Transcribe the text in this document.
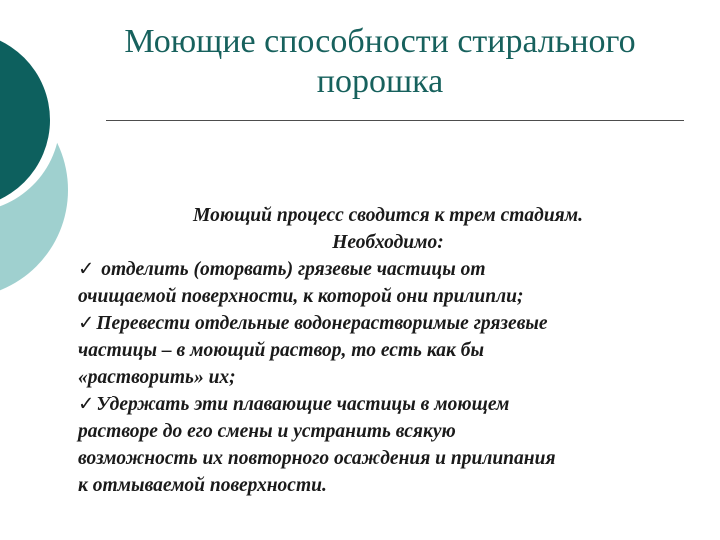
Моющие способности стирального
порошка
Моющий процесс сводится к трем стадиям.
Необходимо:
✓ отделить (оторвать) грязевые частицы от
очищаемой поверхности, к которой они прилипли;
✓ Перевести отдельные водонерастворимые грязевые
частицы – в моющий раствор, то есть как бы
«растворить» их;
✓ Удержать эти плавающие частицы в моющем
растворе до его смены и устранить всякую
возможность их повторного осаждения и прилипания
к отмываемой поверхности.
